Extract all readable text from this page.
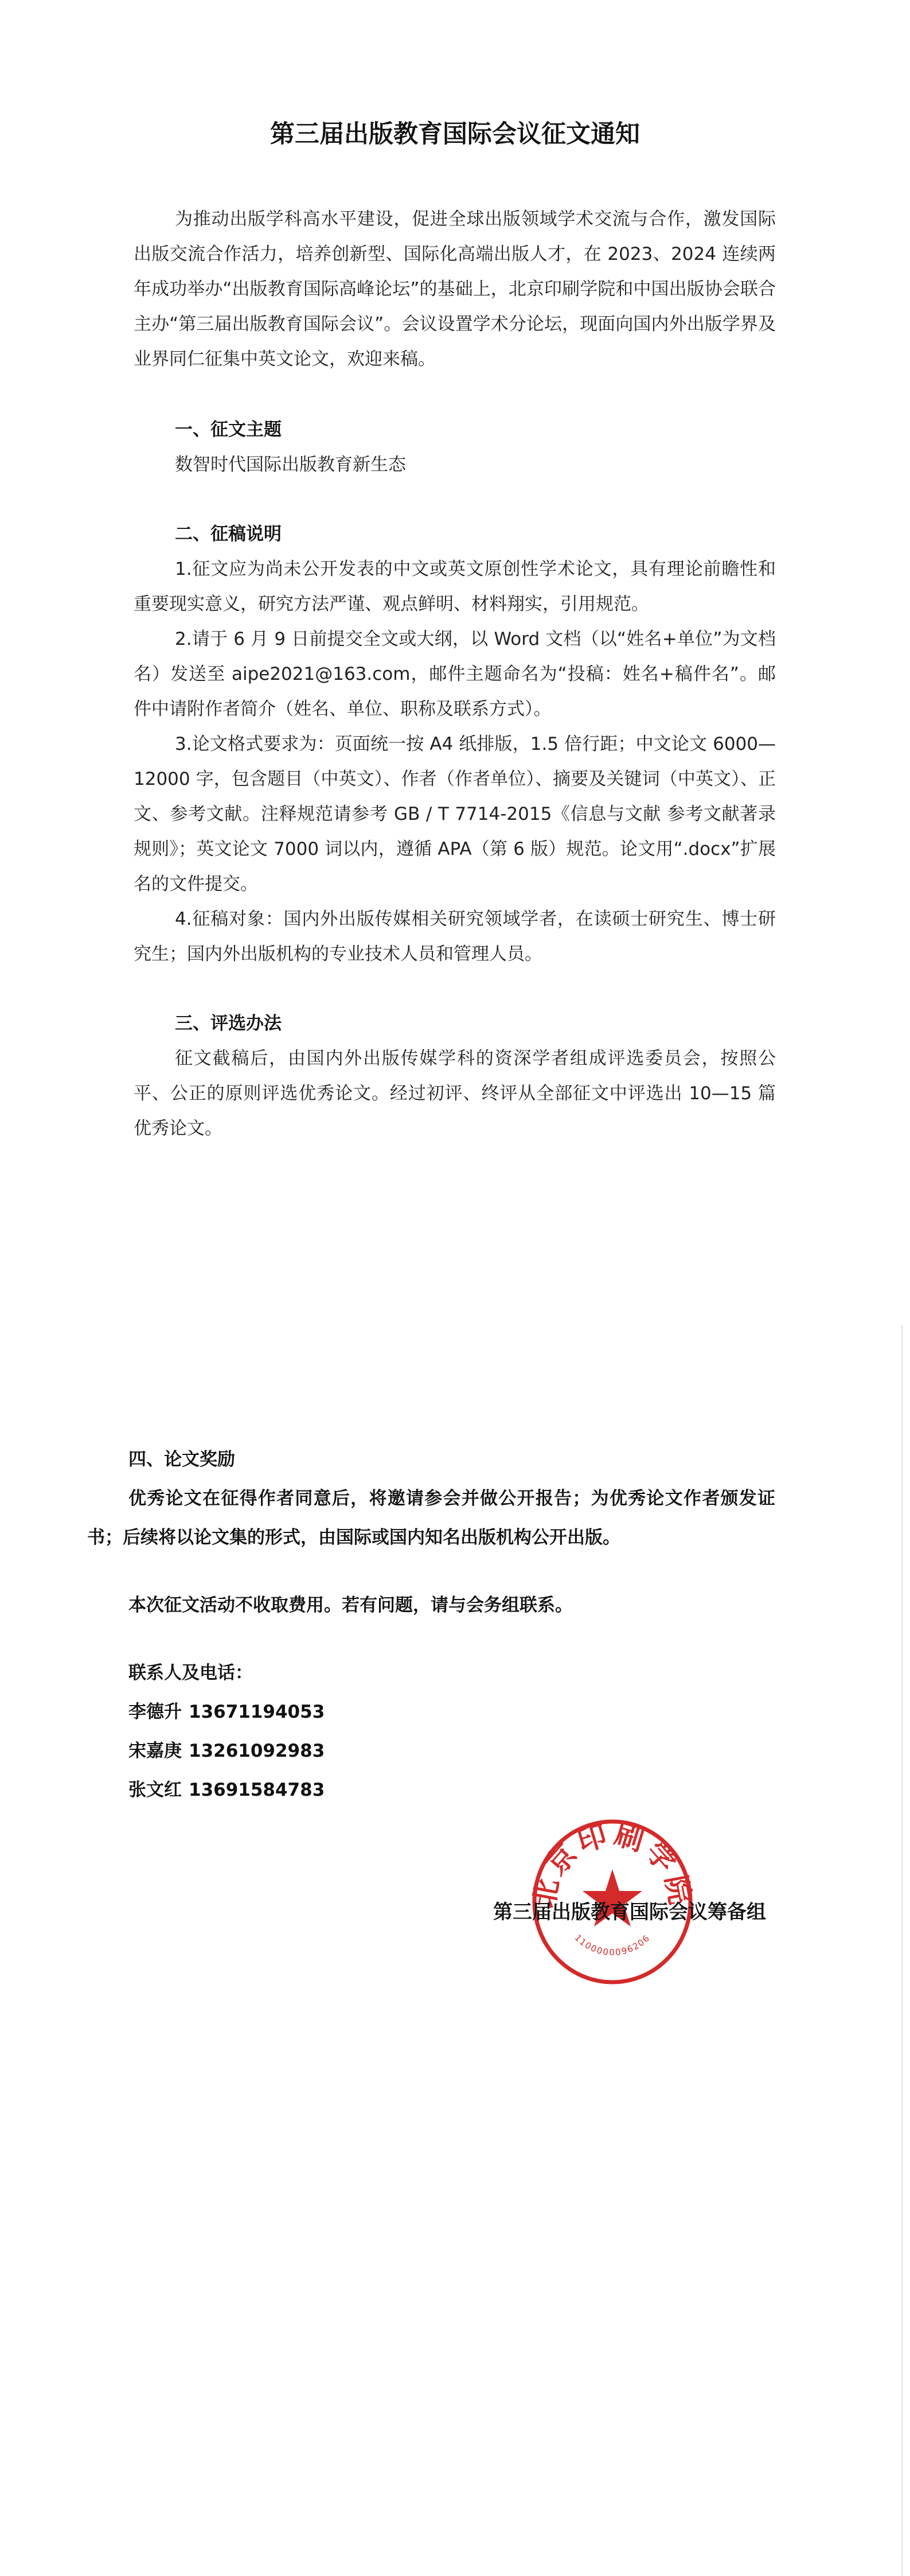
第三届出版教育国际会议征文通知

为推动出版学科高水平建设，促进全球出版领域学术交流与合作，激发国际出版交流合作活力，培养创新型、国际化高端出版人才，在 2023、2024 连续两年成功举办“出版教育国际高峰论坛”的基础上，北京印刷学院和中国出版协会联合主办“第三届出版教育国际会议”。会议设置学术分论坛，现面向国内外出版学界及业界同仁征集中英文论文，欢迎来稿。

一、征文主题

数智时代国际出版教育新生态

二、征稿说明

1.征文应为尚未公开发表的中文或英文原创性学术论文，具有理论前瞻性和重要现实意义，研究方法严谨、观点鲜明、材料翔实，引用规范。

2.请于 6 月 9 日前提交全文或大纲，以 Word 文档（以“姓名+单位”为文档名）发送至 aipe2021@163.com，邮件主题命名为“投稿：姓名+稿件名”。邮件中请附作者简介（姓名、单位、职称及联系方式）。

3.论文格式要求为：页面统一按 A4 纸排版，1.5 倍行距；中文论文 6000—12000 字，包含题目（中英文）、作者（作者单位）、摘要及关键词（中英文）、正文、参考文献。注释规范请参考 GB / T 7714-2015《信息与文献 参考文献著录规则》；英文论文 7000 词以内，遵循 APA（第 6 版）规范。论文用“.docx”扩展名的文件提交。

4.征稿对象：国内外出版传媒相关研究领域学者，在读硕士研究生、博士研究生；国内外出版机构的专业技术人员和管理人员。

三、评选办法

征文截稿后，由国内外出版传媒学科的资深学者组成评选委员会，按照公平、公正的原则评选优秀论文。经过初评、终评从全部征文中评选出 10—15 篇优秀论文。

四、论文奖励

优秀论文在征得作者同意后，将邀请参会并做公开报告；为优秀论文作者颁发证书；后续将以论文集的形式，由国际或国内知名出版机构公开出版。

本次征文活动不收取费用。若有问题，请与会务组联系。

联系人及电话：

李德升 13671194053
宋嘉庚 13261092983
张文红 13691584783
北京印刷学院
1100000096206
第三届出版教育国际会议筹备组
